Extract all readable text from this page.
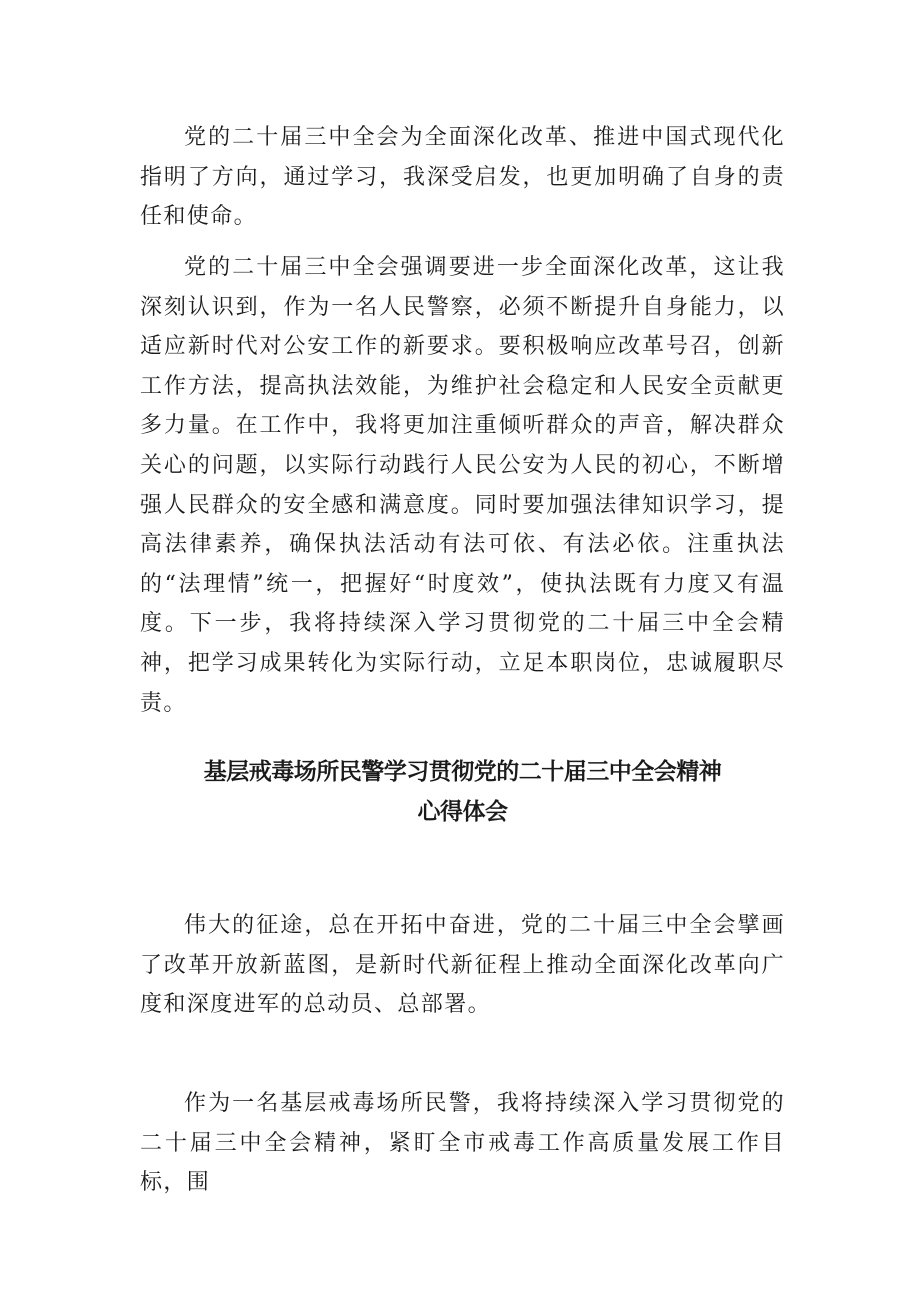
党的二十届三中全会为全面深化改革、推进中国式现代化指明了方向，通过学习，我深受启发，也更加明确了自身的责任和使命。

党的二十届三中全会强调要进一步全面深化改革，这让我深刻认识到，作为一名人民警察，必须不断提升自身能力，以适应新时代对公安工作的新要求。要积极响应改革号召，创新工作方法，提高执法效能，为维护社会稳定和人民安全贡献更多力量。在工作中，我将更加注重倾听群众的声音，解决群众关心的问题，以实际行动践行人民公安为人民的初心，不断增强人民群众的安全感和满意度。同时要加强法律知识学习，提高法律素养，确保执法活动有法可依、有法必依。注重执法的“法理情”统一，把握好“时度效”，使执法既有力度又有温度。下一步，我将持续深入学习贯彻党的二十届三中全会精神，把学习成果转化为实际行动，立足本职岗位，忠诚履职尽责。

基层戒毒场所民警学习贯彻党的二十届三中全会精神
心得体会

伟大的征途，总在开拓中奋进，党的二十届三中全会擘画了改革开放新蓝图，是新时代新征程上推动全面深化改革向广度和深度进军的总动员、总部署。

作为一名基层戒毒场所民警，我将持续深入学习贯彻党的二十届三中全会精神，紧盯全市戒毒工作高质量发展工作目标，围
